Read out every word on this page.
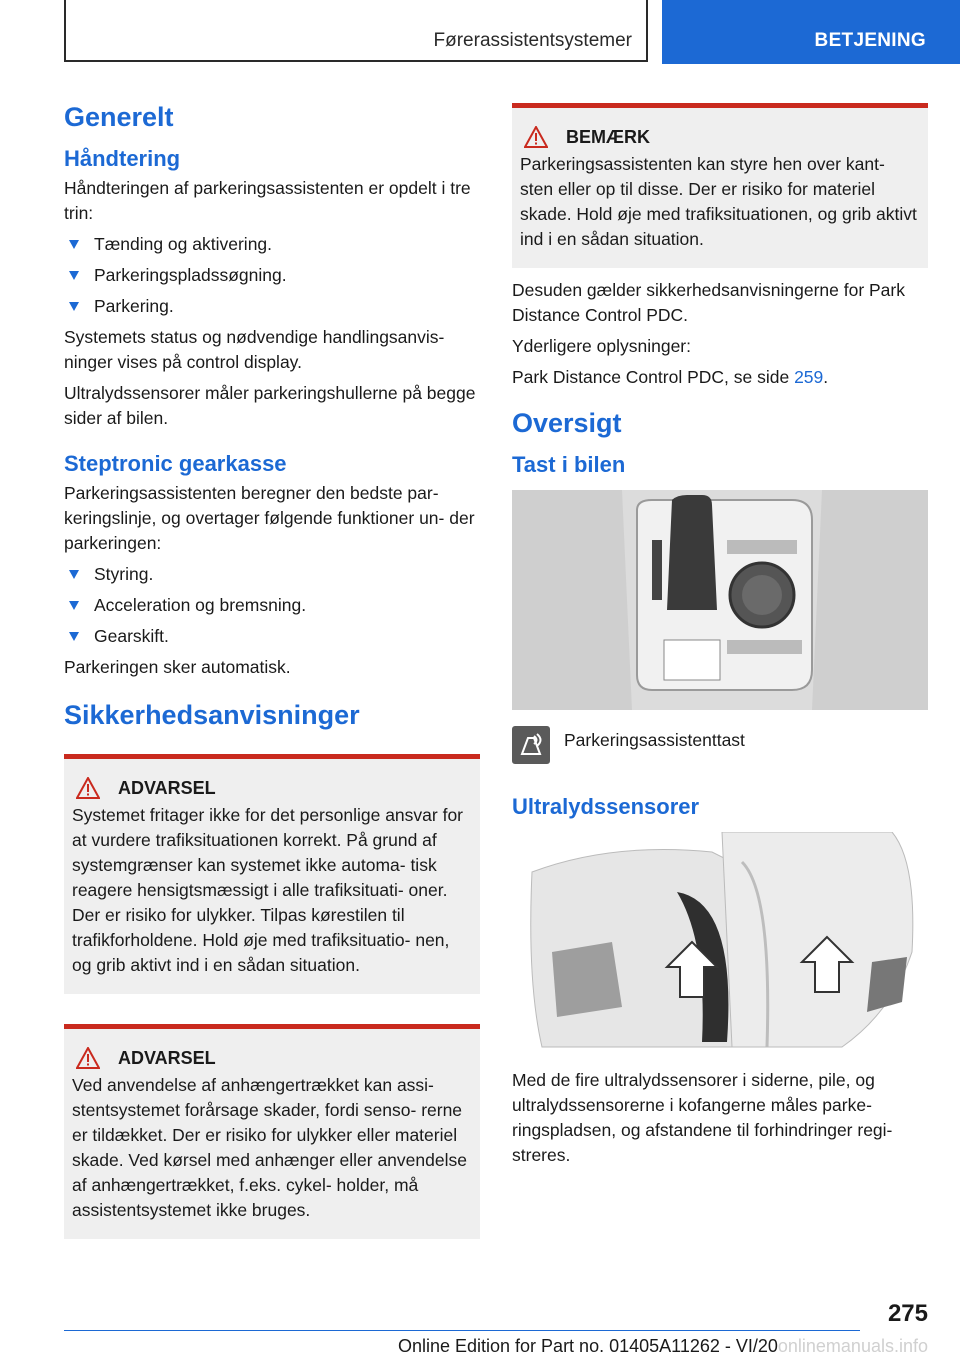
Førerassistentsystemer	BETJENING
Generelt
Håndtering

Håndteringen af parkeringsassistenten er opdelt i tre trin:

Tænding og aktivering.
Parkeringspladssøgning.
Parkering.

Systemets status og nødvendige handlingsanvis- ninger vises på control display.

Ultralydssensorer måler parkeringshullerne på begge sider af bilen.

Steptronic gearkasse

Parkeringsassistenten beregner den bedste par- keringslinje, og overtager følgende funktioner un- der parkeringen:

Styring.
Acceleration og bremsning.
Gearskift.

Parkeringen sker automatisk.

Sikkerhedsanvisninger
ADVARSEL

Systemet fritager ikke for det personlige ansvar for at vurdere trafiksituationen korrekt. På grund af systemgrænser kan systemet ikke automa- tisk reagere hensigtsmæssigt i alle trafiksituati- oner. Der er risiko for ulykker. Tilpas kørestilen til trafikforholdene. Hold øje med trafiksituatio- nen, og grib aktivt ind i en sådan situation.

ADVARSEL

Ved anvendelse af anhængertrækket kan assi- stentsystemet forårsage skader, fordi senso- rerne er tildækket. Der er risiko for ulykker eller materiel skade. Ved kørsel med anhænger eller anvendelse af anhængertrækket, f.eks. cykel- holder, må assistentsystemet ikke bruges.

BEMÆRK

Parkeringsassistenten kan styre hen over kant- sten eller op til disse. Der er risiko for materiel skade. Hold øje med trafiksituationen, og grib aktivt ind i en sådan situation.

Desuden gælder sikkerhedsanvisningerne for Park Distance Control PDC.

Yderligere oplysninger:

Park Distance Control PDC, se side 259.

Oversigt
Tast i bilen

Parkeringsassistenttast

Ultralydssensorer

Med de fire ultralydssensorer i siderne, pile, og ultralydssensorerne i kofangerne måles parke- ringspladsen, og afstandene til forhindringer regi- streres.

275
Online Edition for Part no. 01405A11262 - VI/20onlinemanuals.info
